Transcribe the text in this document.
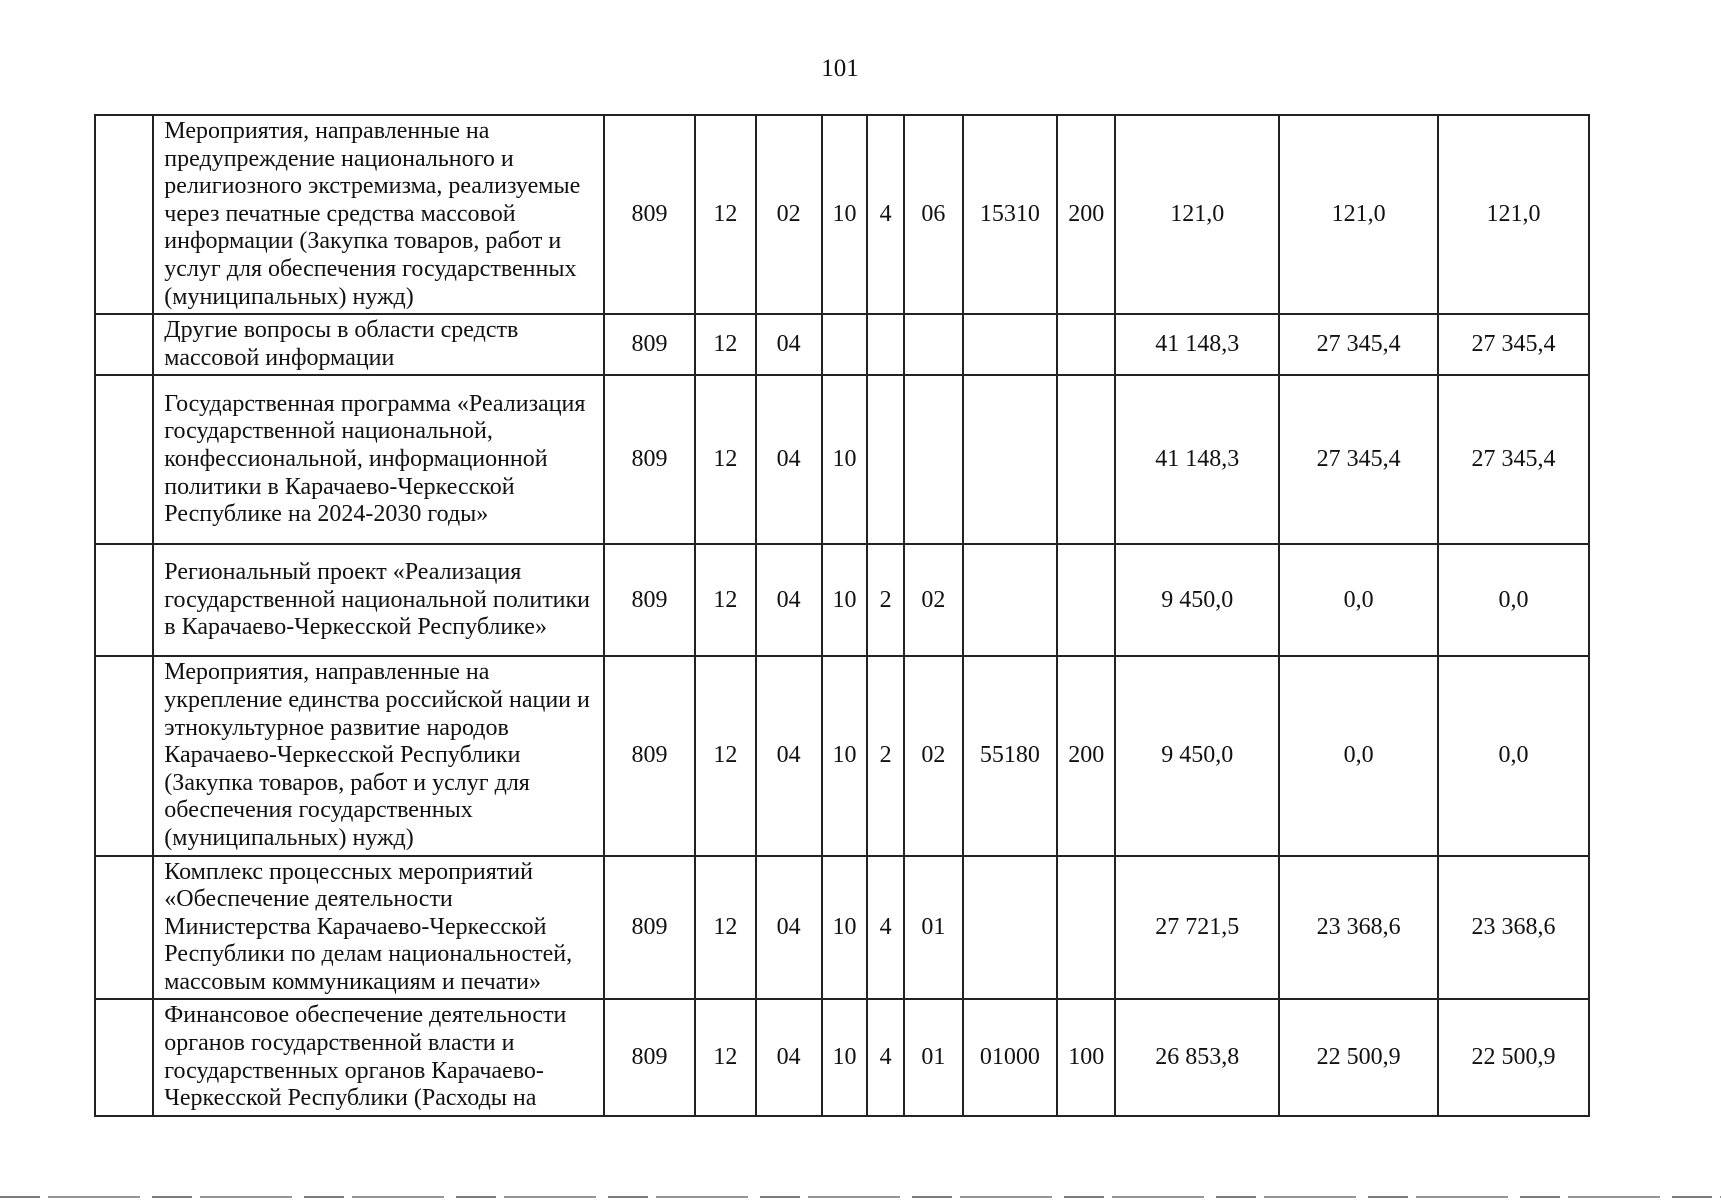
101
	Мероприятия, направленные на предупреждение национального и религиозного экстремизма, реализуемые через печатные средства массовой информации (Закупка товаров, работ и услуг для обеспечения государственных (муниципальных) нужд)	809	12	02	10	4	06	15310	200	121,0	121,0	121,0
	Другие вопросы в области средств массовой информации	809	12	04						41 148,3	27 345,4	27 345,4
	Государственная программа «Реализация государственной национальной, конфессиональной, информационной политики в Карачаево-Черкесской Республике на 2024-2030 годы»	809	12	04	10					41 148,3	27 345,4	27 345,4
	Региональный проект «Реализация государственной национальной политики в Карачаево-Черкесской Республике»	809	12	04	10	2	02			9 450,0	0,0	0,0
	Мероприятия, направленные на укрепление единства российской нации и этнокультурное развитие народов Карачаево-Черкесской Республики (Закупка товаров, работ и услуг для обеспечения государственных (муниципальных) нужд)	809	12	04	10	2	02	55180	200	9 450,0	0,0	0,0
	Комплекс процессных мероприятий «Обеспечение деятельности Министерства Карачаево-Черкесской Республики по делам национальностей, массовым коммуникациям и печати»	809	12	04	10	4	01			27 721,5	23 368,6	23 368,6
	Финансовое обеспечение деятельности органов государственной власти и государственных органов Карачаево-Черкесской Республики (Расходы на	809	12	04	10	4	01	01000	100	26 853,8	22 500,9	22 500,9
